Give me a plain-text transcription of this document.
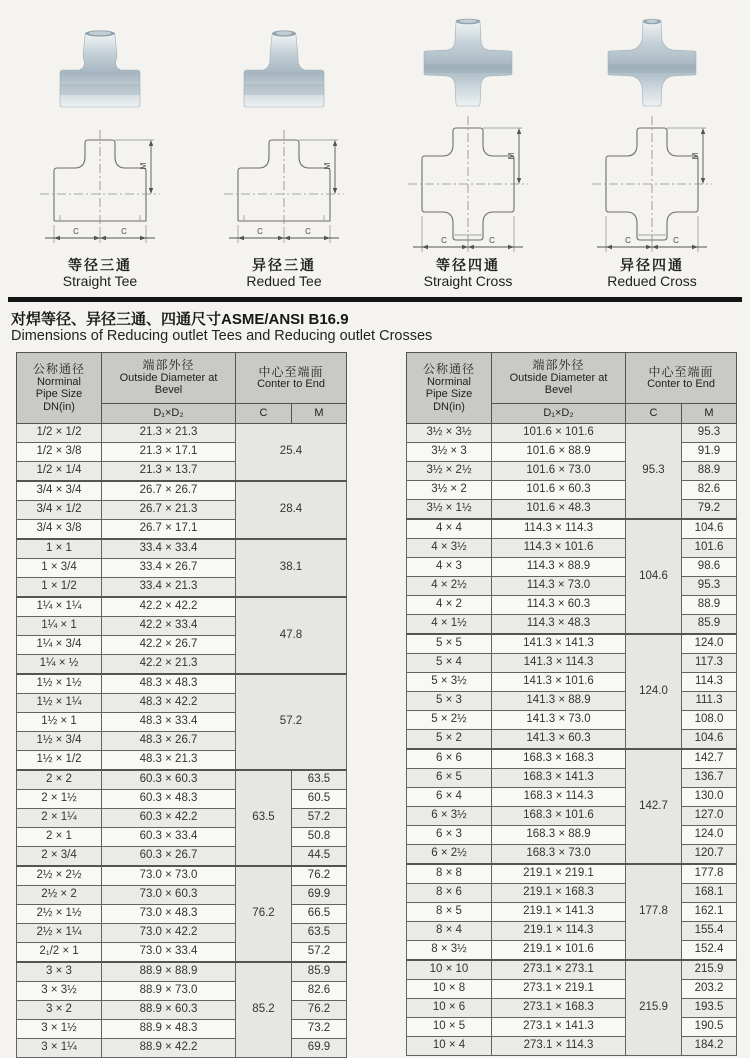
M
C	C
等径三通
Straight Tee
M
C	C
异径三通
Redued Tee
M
C	C
等径四通
Straight Cross
M
C	C
异径四通
Redued Cross
对焊等径、异径三通、四通尺寸ASME/ANSI B16.9
Dimensions of Reducing outlet Tees and Reducing outlet Crosses
公称通径
Norminal
Pipe Size
DN(in)

端部外径
Outside Diameter at
Bevel

中心至端面
Conter to End

	D₁×D₂	C	M
1/2 × 1/2	21.3 × 21.3	25.4	
1/2 × 3/8	21.3 × 17.1		
1/2 × 1/4	21.3 × 13.7		
3/4 × 3/4	26.7 × 26.7	28.4	
3/4 × 1/2	26.7 × 21.3		
3/4 × 3/8	26.7 × 17.1		
1 × 1	33.4 × 33.4	38.1	
1 × 3/4	33.4 × 26.7		
1 × 1/2	33.4 × 21.3		
1¼ × 1¼	42.2 × 42.2	47.8	
1¼ × 1	42.2 × 33.4		
1¼ × 3/4	42.2 × 26.7		
1¼ × ½	42.2 × 21.3		
1½ × 1½	48.3 × 48.3	57.2	
1½ × 1¼	48.3 × 42.2		
1½ × 1	48.3 × 33.4		
1½ × 3/4	48.3 × 26.7		
1½ × 1/2	48.3 × 21.3		
2 × 2	60.3 × 60.3	63.5	63.5
2 × 1½	60.3 × 48.3		60.5
2 × 1¼	60.3 × 42.2		57.2
2 × 1	60.3 × 33.4		50.8
2 × 3/4	60.3 × 26.7		44.5
2½ × 2½	73.0 × 73.0	76.2	76.2
2½ × 2	73.0 × 60.3		69.9
2½ × 1½	73.0 × 48.3		66.5
2½ × 1¼	73.0 × 42.2		63.5
2₁/2 × 1	73.0 × 33.4		57.2
3 × 3	88.9 × 88.9	85.2	85.9
3 × 3½	88.9 × 73.0		82.6
3 × 2	88.9 × 60.3		76.2
3 × 1½	88.9 × 48.3		73.2
3 × 1¼	88.9 × 42.2		69.9
公称通径
Norminal
Pipe Size
DN(in)

端部外径
Outside Diameter at
Bevel

中心至端面
Conter to End

	D₁×D₂	C	M
3½ × 3½	101.6 × 101.6	95.3	95.3
3½ × 3	101.6 × 88.9		91.9
3½ × 2½	101.6 × 73.0		88.9
3½ × 2	101.6 × 60.3		82.6
3½ × 1½	101.6 × 48.3		79.2
4 × 4	114.3 × 114.3	104.6	104.6
4 × 3½	114.3 × 101.6		101.6
4 × 3	114.3 × 88.9		98.6
4 × 2½	114.3 × 73.0		95.3
4 × 2	114.3 × 60.3		88.9
4 × 1½	114.3 × 48.3		85.9
5 × 5	141.3 × 141.3	124.0	124.0
5 × 4	141.3 × 114.3		117.3
5 × 3½	141.3 × 101.6		114.3
5 × 3	141.3 × 88.9		111.3
5 × 2½	141.3 × 73.0		108.0
5 × 2	141.3 × 60.3		104.6
6 × 6	168.3 × 168.3	142.7	142.7
6 × 5	168.3 × 141.3		136.7
6 × 4	168.3 × 114.3		130.0
6 × 3½	168.3 × 101.6		127.0
6 × 3	168.3 × 88.9		124.0
6 × 2½	168.3 × 73.0		120.7
8 × 8	219.1 × 219.1	177.8	177.8
8 × 6	219.1 × 168.3		168.1
8 × 5	219.1 × 141.3		162.1
8 × 4	219.1 × 114.3		155.4
8 × 3½	219.1 × 101.6		152.4
10 × 10	273.1 × 273.1	215.9	215.9
10 × 8	273.1 × 219.1		203.2
10 × 6	273.1 × 168.3		193.5
10 × 5	273.1 × 141.3		190.5
10 × 4	273.1 × 114.3		184.2
